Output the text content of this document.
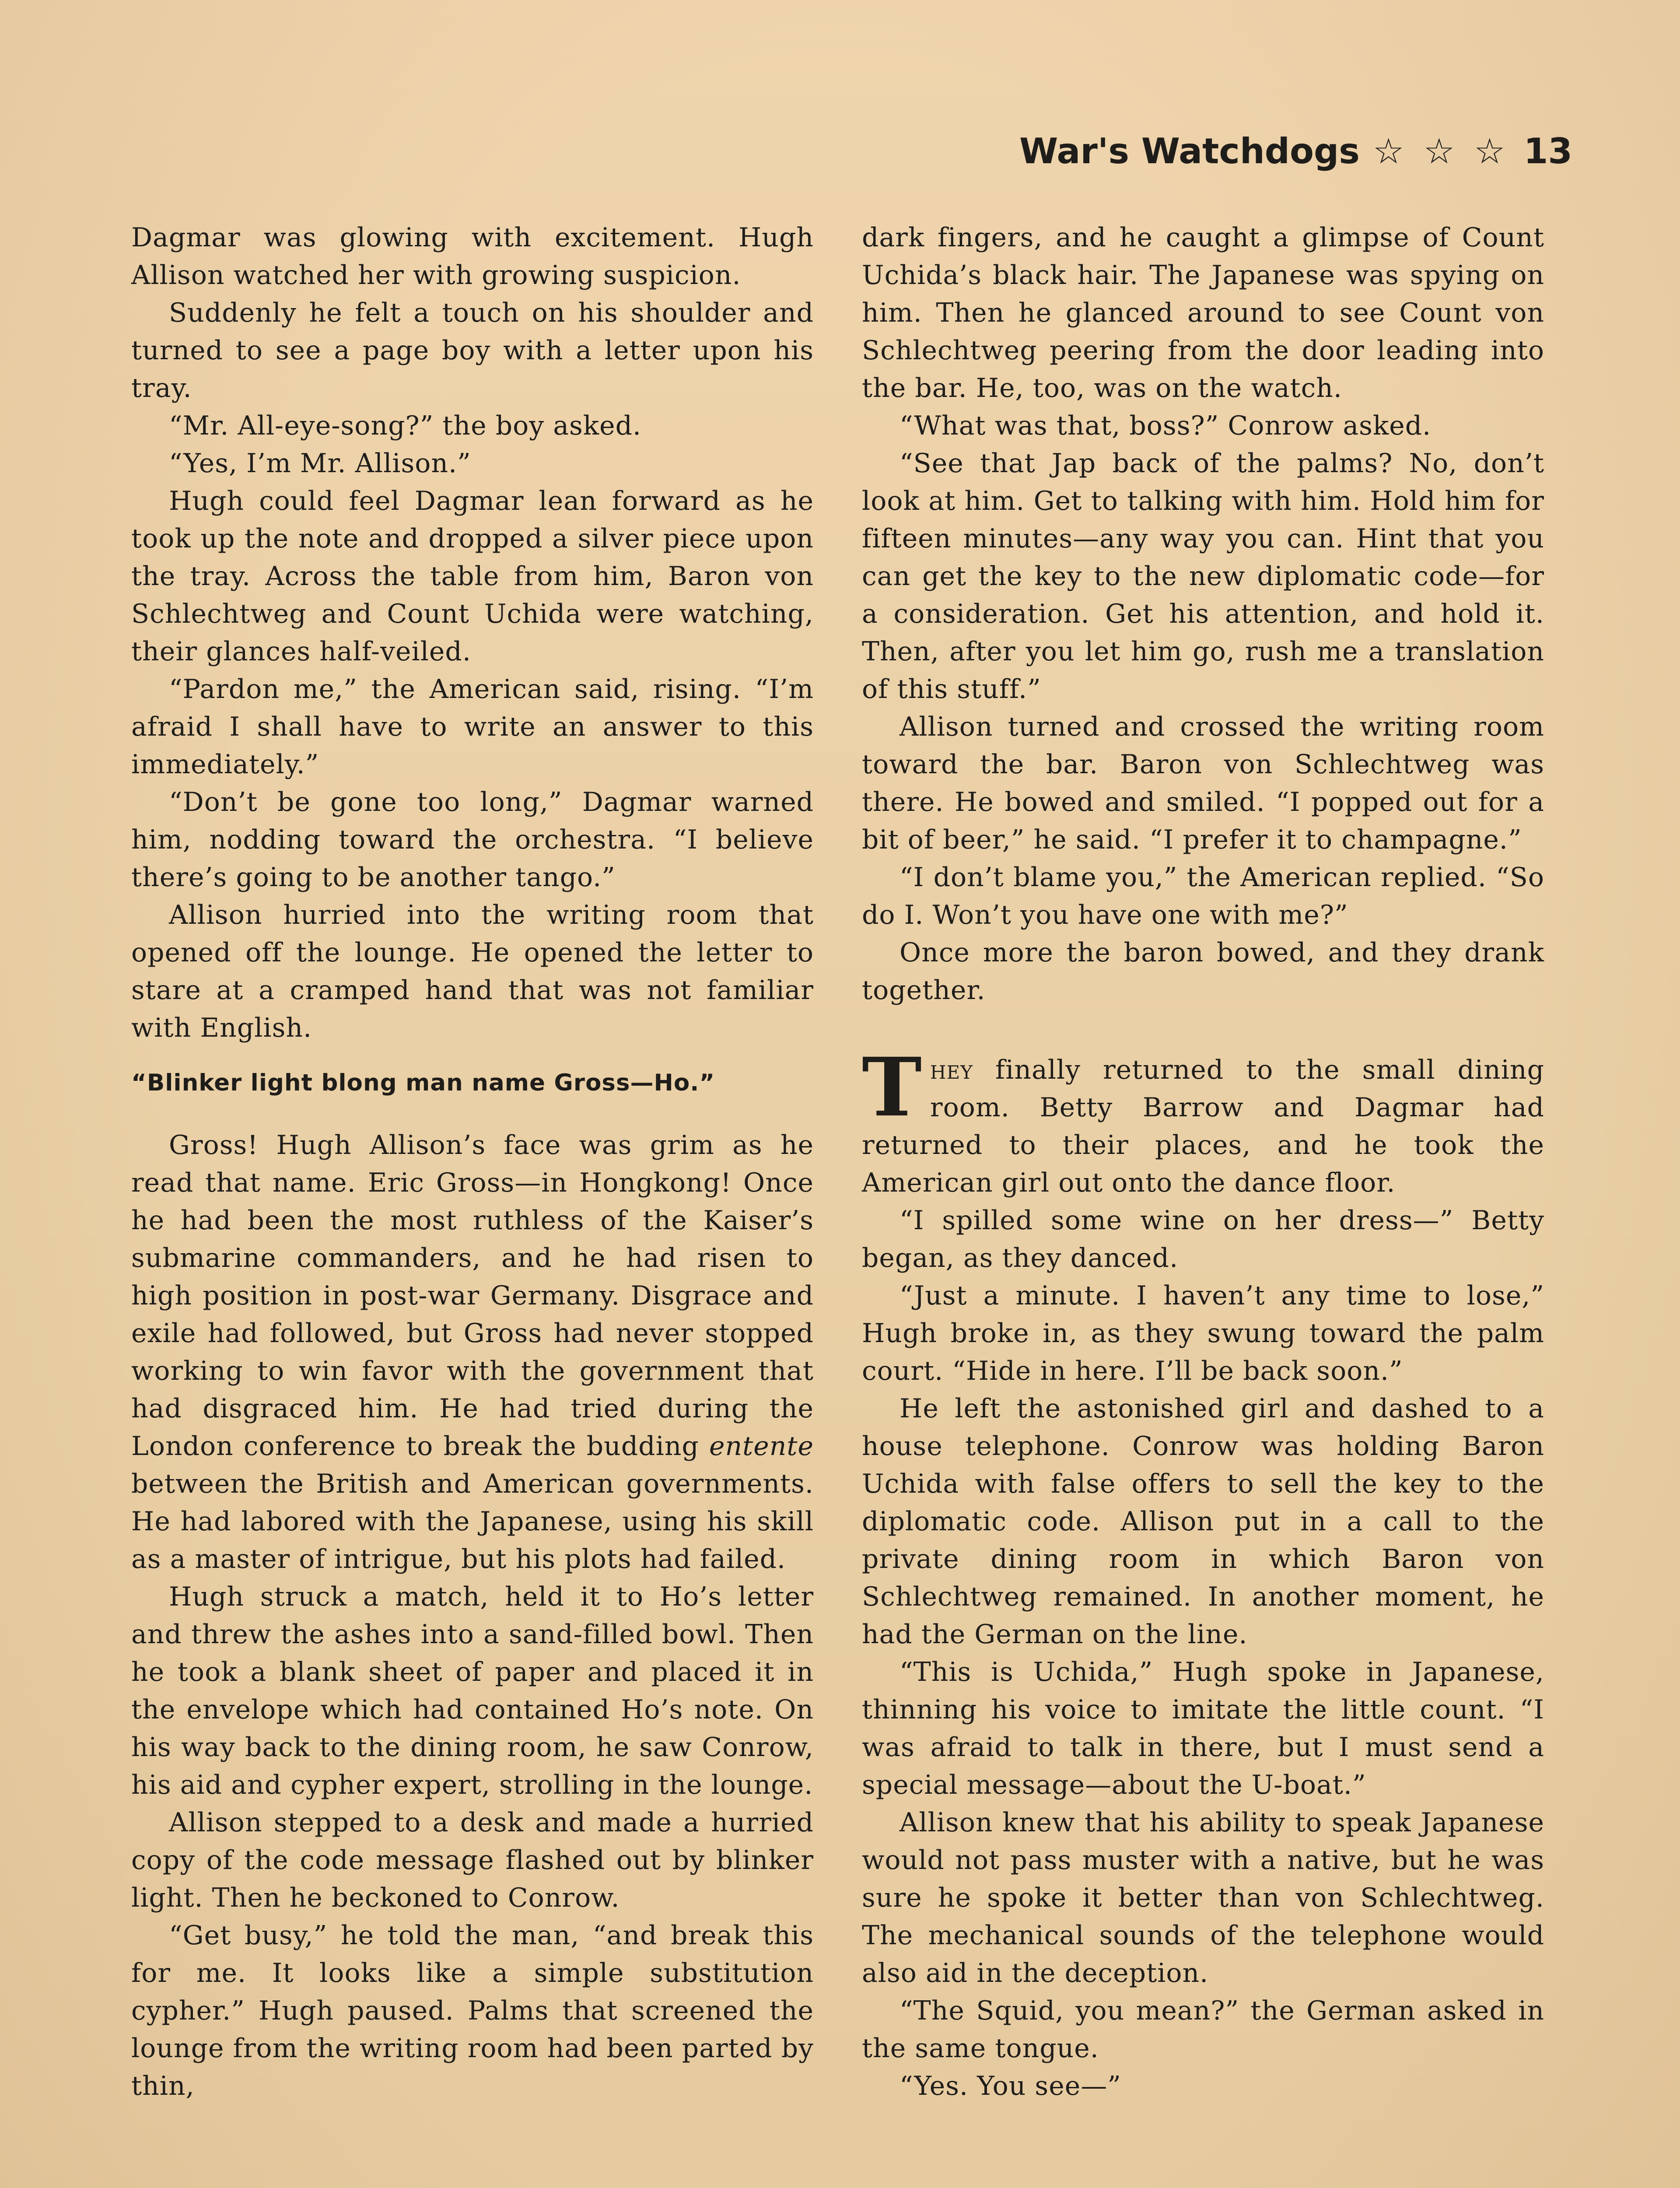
War's Watchdogs ☆ ☆ ☆ 13

Dagmar was glowing with excitement. Hugh Allison watched her with growing suspicion.

Suddenly he felt a touch on his shoulder and turned to see a page boy with a letter upon his tray.

“Mr. All-eye-song?” the boy asked.

“Yes, I’m Mr. Allison.”

Hugh could feel Dagmar lean forward as he took up the note and dropped a silver piece upon the tray. Across the table from him, Baron von Schlechtweg and Count Uchida were watching, their glances half-veiled.

“Pardon me,” the American said, rising. “I’m afraid I shall have to write an answer to this immediately.”

“Don’t be gone too long,” Dagmar warned him, nodding toward the orchestra. “I believe there’s going to be another tango.”

Allison hurried into the writing room that opened off the lounge. He opened the letter to stare at a cramped hand that was not familiar with English.

“Blinker light blong man name Gross—Ho.”

Gross! Hugh Allison’s face was grim as he read that name. Eric Gross—in Hongkong! Once he had been the most ruthless of the Kaiser’s submarine commanders, and he had risen to high position in post-war Germany. Disgrace and exile had followed, but Gross had never stopped working to win favor with the government that had disgraced him. He had tried during the London conference to break the budding entente between the British and American governments. He had labored with the Japanese, using his skill as a master of intrigue, but his plots had failed.

Hugh struck a match, held it to Ho’s letter and threw the ashes into a sand-filled bowl. Then he took a blank sheet of paper and placed it in the envelope which had contained Ho’s note. On his way back to the dining room, he saw Conrow, his aid and cypher expert, strolling in the lounge.

Allison stepped to a desk and made a hurried copy of the code message flashed out by blinker light. Then he beckoned to Conrow.

“Get busy,” he told the man, “and break this for me. It looks like a simple substitution cypher.” Hugh paused. Palms that screened the lounge from the writing room had been parted by thin,

dark fingers, and he caught a glimpse of Count Uchida’s black hair. The Japanese was spying on him. Then he glanced around to see Count von Schlechtweg peering from the door leading into the bar. He, too, was on the watch.

“What was that, boss?” Conrow asked.

“See that Jap back of the palms? No, don’t look at him. Get to talking with him. Hold him for fifteen minutes—any way you can. Hint that you can get the key to the new diplomatic code—for a consideration. Get his attention, and hold it. Then, after you let him go, rush me a translation of this stuff.”

Allison turned and crossed the writing room toward the bar. Baron von Schlechtweg was there. He bowed and smiled. “I popped out for a bit of beer,” he said. “I prefer it to champagne.”

“I don’t blame you,” the American replied. “So do I. Won’t you have one with me?”

Once more the baron bowed, and they drank together.

They finally returned to the small dining room. Betty Barrow and Dagmar had returned to their places, and he took the American girl out onto the dance floor.

“I spilled some wine on her dress—” Betty began, as they danced.

“Just a minute. I haven’t any time to lose,” Hugh broke in, as they swung toward the palm court. “Hide in here. I’ll be back soon.”

He left the astonished girl and dashed to a house telephone. Conrow was holding Baron Uchida with false offers to sell the key to the diplomatic code. Allison put in a call to the private dining room in which Baron von Schlechtweg remained. In another moment, he had the German on the line.

“This is Uchida,” Hugh spoke in Japanese, thinning his voice to imitate the little count. “I was afraid to talk in there, but I must send a special message—about the U-boat.”

Allison knew that his ability to speak Japanese would not pass muster with a native, but he was sure he spoke it better than von Schlechtweg. The mechanical sounds of the telephone would also aid in the deception.

“The Squid, you mean?” the German asked in the same tongue.

“Yes. You see—”
